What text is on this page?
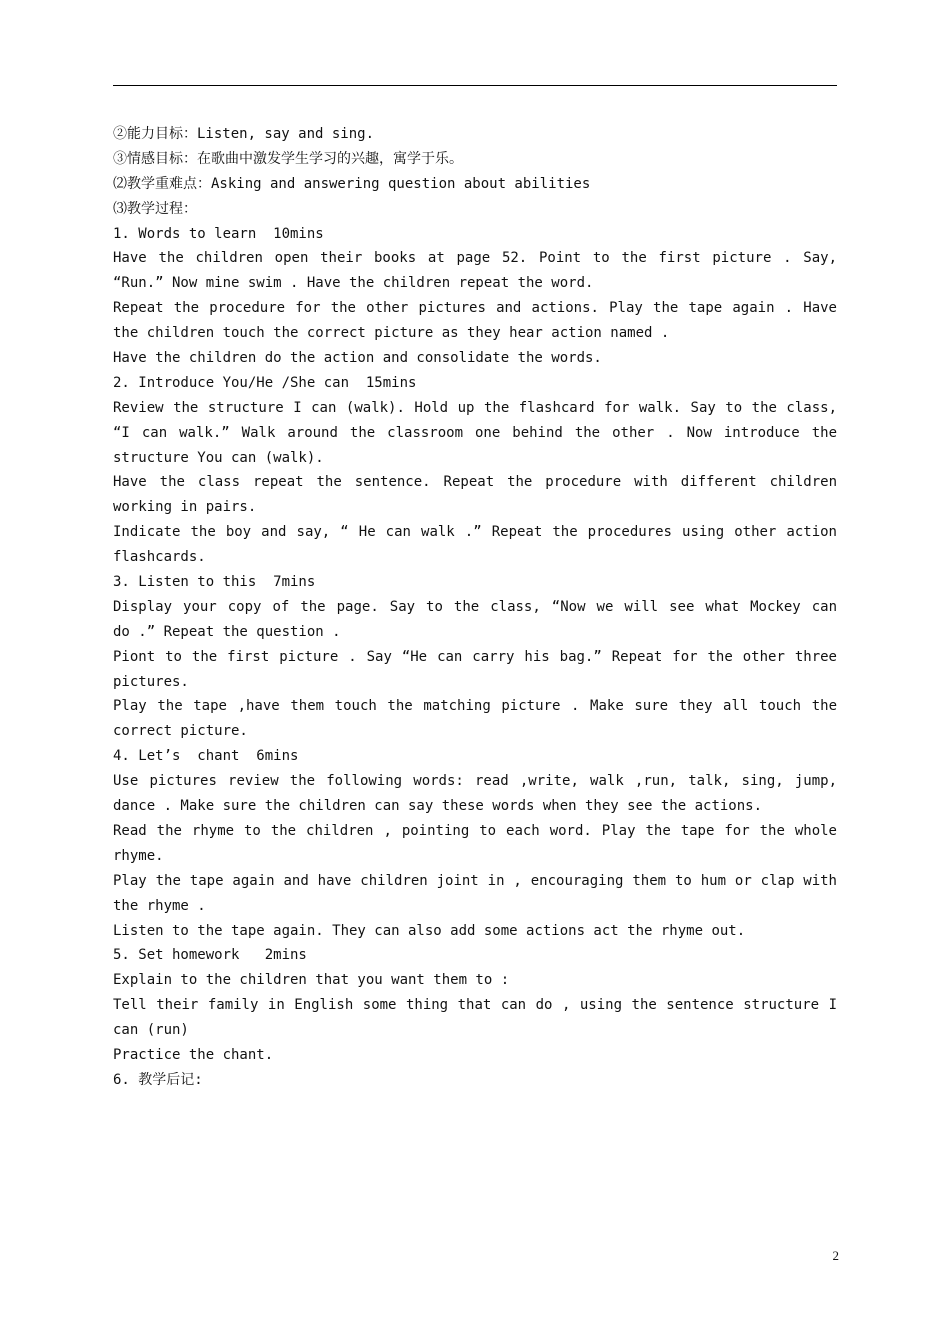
②能力目标：Listen, say and sing.
③情感目标：在歌曲中激发学生学习的兴趣，寓学于乐。
⑵教学重难点：Asking and answering question about abilities
⑶教学过程：
1. Words to learn  10mins
Have the children open their books at page 52. Point to the first picture . Say,
“Run.” Now mine swim . Have the children repeat the word.
Repeat the procedure for the other pictures and actions. Play the tape again . Have
the children touch the correct picture as they hear action named .
Have the children do the action and consolidate the words.
2. Introduce You/He /She can  15mins
Review the structure I can (walk). Hold up the flashcard for walk. Say to the class,
“I can walk.” Walk around the classroom one behind the other . Now introduce the
structure You can (walk).
Have the class repeat the sentence. Repeat the procedure with different children
working in pairs.
Indicate the boy and say, “ He can walk .” Repeat the procedures using other action
flashcards.
3. Listen to this  7mins
Display your copy of the page. Say to the class, “Now we will see what Mockey can
do .” Repeat the question .
Piont to the first picture . Say “He can carry his bag.” Repeat for the other three
pictures.
Play the tape ,have them touch the matching picture . Make sure they all touch the
correct picture.
4. Let’s  chant  6mins
Use pictures review the following words: read ,write, walk ,run, talk, sing, jump,
dance . Make sure the children can say these words when they see the actions.
Read the rhyme to the children , pointing to each word. Play the tape for the whole
rhyme.
Play the tape again and have children joint in , encouraging them to hum or clap with
the rhyme .
Listen to the tape again. They can also add some actions act the rhyme out.
5. Set homework   2mins
Explain to the children that you want them to :
Tell their family in English some thing that can do , using the sentence structure I
can (run)
Practice the chant.
6. 教学后记:
2
